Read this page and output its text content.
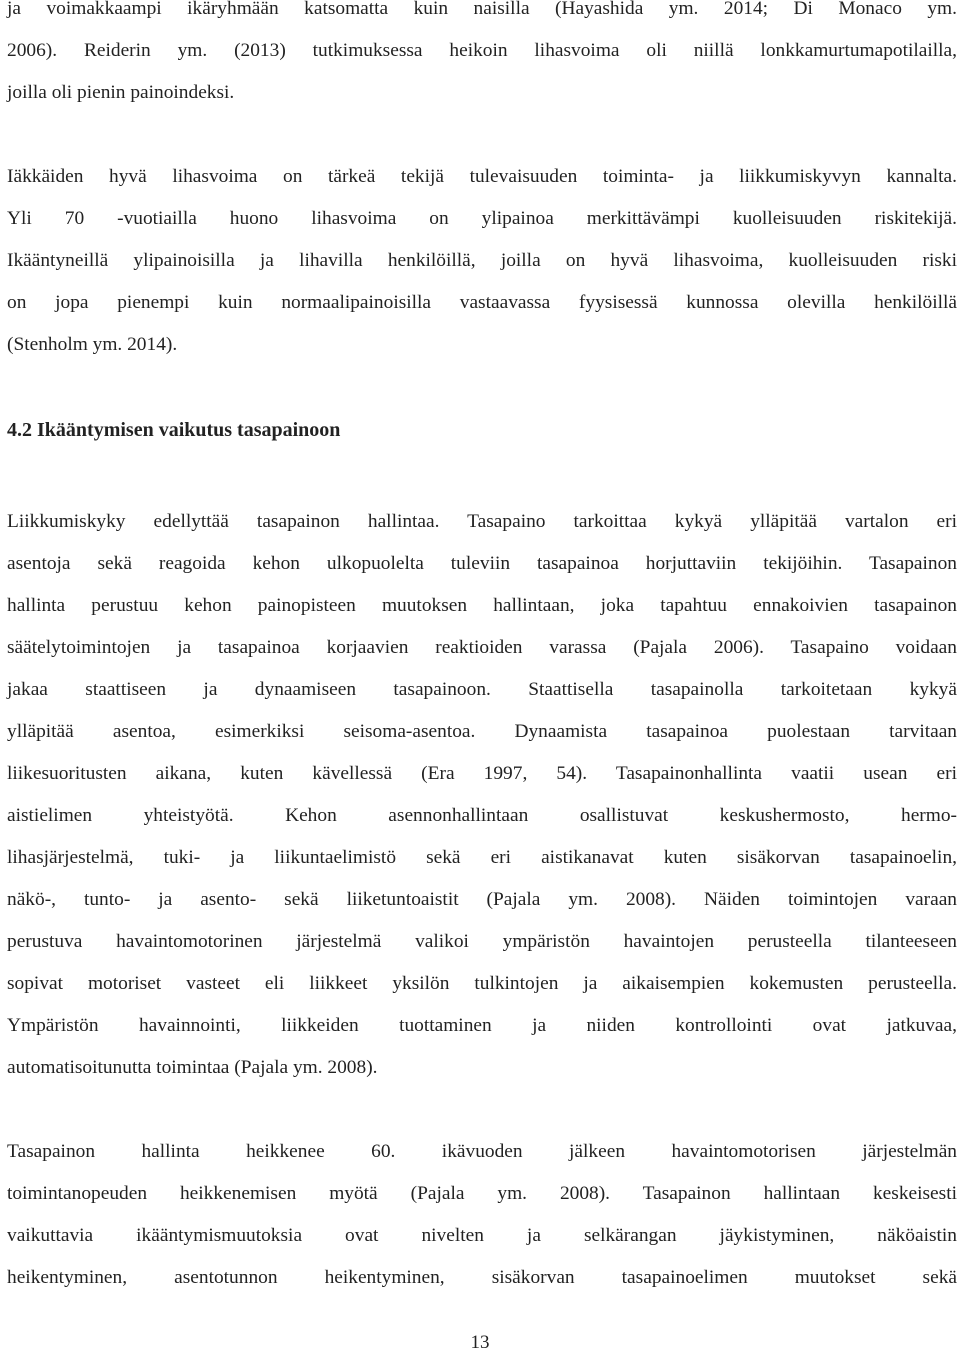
ja voimakkaampi ikäryhmään katsomatta kuin naisilla (Hayashida ym. 2014; Di Monaco ym.
2006). Reiderin ym. (2013) tutkimuksessa heikoin lihasvoima oli niillä lonkkamurtumapotilailla,
joilla oli pienin painoindeksi.
Iäkkäiden hyvä lihasvoima on tärkeä tekijä tulevaisuuden toiminta- ja liikkumiskyvyn kannalta.
Yli 70 -vuotiailla huono lihasvoima on ylipainoa merkittävämpi kuolleisuuden riskitekijä.
Ikääntyneillä ylipainoisilla ja lihavilla henkilöillä, joilla on hyvä lihasvoima, kuolleisuuden riski
on jopa pienempi kuin normaalipainoisilla vastaavassa fyysisessä kunnossa olevilla henkilöillä
(Stenholm ym. 2014).
4.2 Ikääntymisen vaikutus tasapainoon
Liikkumiskyky edellyttää tasapainon hallintaa. Tasapaino tarkoittaa kykyä ylläpitää vartalon eri
asentoja sekä reagoida kehon ulkopuolelta tuleviin tasapainoa horjuttaviin tekijöihin. Tasapainon
hallinta perustuu kehon painopisteen muutoksen hallintaan, joka tapahtuu ennakoivien tasapainon
säätelytoimintojen ja tasapainoa korjaavien reaktioiden varassa (Pajala 2006). Tasapaino voidaan
jakaa staattiseen ja dynaamiseen tasapainoon. Staattisella tasapainolla tarkoitetaan kykyä
ylläpitää asentoa, esimerkiksi seisoma-asentoa. Dynaamista tasapainoa puolestaan tarvitaan
liikesuoritusten aikana, kuten kävellessä (Era 1997, 54). Tasapainonhallinta vaatii usean eri
aistielimen yhteistyötä. Kehon asennonhallintaan osallistuvat keskushermosto, hermo-
lihasjärjestelmä, tuki- ja liikuntaelimistö sekä eri aistikanavat kuten sisäkorvan tasapainoelin,
näkö-, tunto- ja asento- sekä liiketuntoaistit (Pajala ym. 2008). Näiden toimintojen varaan
perustuva havaintomotorinen järjestelmä valikoi ympäristön havaintojen perusteella tilanteeseen
sopivat motoriset vasteet eli liikkeet yksilön tulkintojen ja aikaisempien kokemusten perusteella.
Ympäristön havainnointi, liikkeiden tuottaminen ja niiden kontrollointi ovat jatkuvaa,
automatisoitunutta toimintaa (Pajala ym. 2008).
Tasapainon hallinta heikkenee 60. ikävuoden jälkeen havaintomotorisen järjestelmän
toimintanopeuden heikkenemisen myötä (Pajala ym. 2008). Tasapainon hallintaan keskeisesti
vaikuttavia ikääntymismuutoksia ovat nivelten ja selkärangan jäykistyminen, näköaistin
heikentyminen, asentotunnon heikentyminen, sisäkorvan tasapainoelimen muutokset sekä
13
